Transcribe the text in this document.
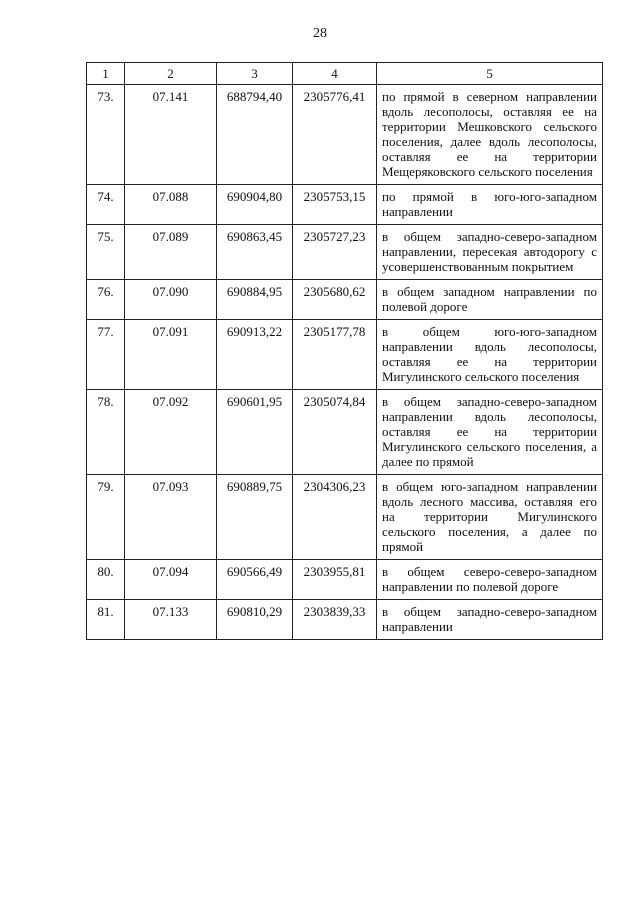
28
1	2	3	4	5
73.	07.141	688794,40	2305776,41	по прямой в северном направлении вдоль лесополосы, оставляя ее на территории Мешковского сельского поселения, далее вдоль лесополосы, оставляя ее на территории Мещеряковского сельского поселения
74.	07.088	690904,80	2305753,15	по прямой в юго-юго-западном направлении
75.	07.089	690863,45	2305727,23	в общем западно-северо-западном направлении, пересекая автодорогу с усовершенствованным покрытием
76.	07.090	690884,95	2305680,62	в общем западном направлении по полевой дороге
77.	07.091	690913,22	2305177,78	в общем юго-юго-западном направлении вдоль лесополосы, оставляя ее на территории Мигулинского сельского поселения
78.	07.092	690601,95	2305074,84	в общем западно-северо-западном направлении вдоль лесополосы, оставляя ее на территории Мигулинского сельского поселения, а далее по прямой
79.	07.093	690889,75	2304306,23	в общем юго-западном направлении вдоль лесного массива, оставляя его на территории Мигулинского сельского поселения, а далее по прямой
80.	07.094	690566,49	2303955,81	в общем северо-северо-западном направлении по полевой дороге
81.	07.133	690810,29	2303839,33	в общем западно-северо-западном направлении
